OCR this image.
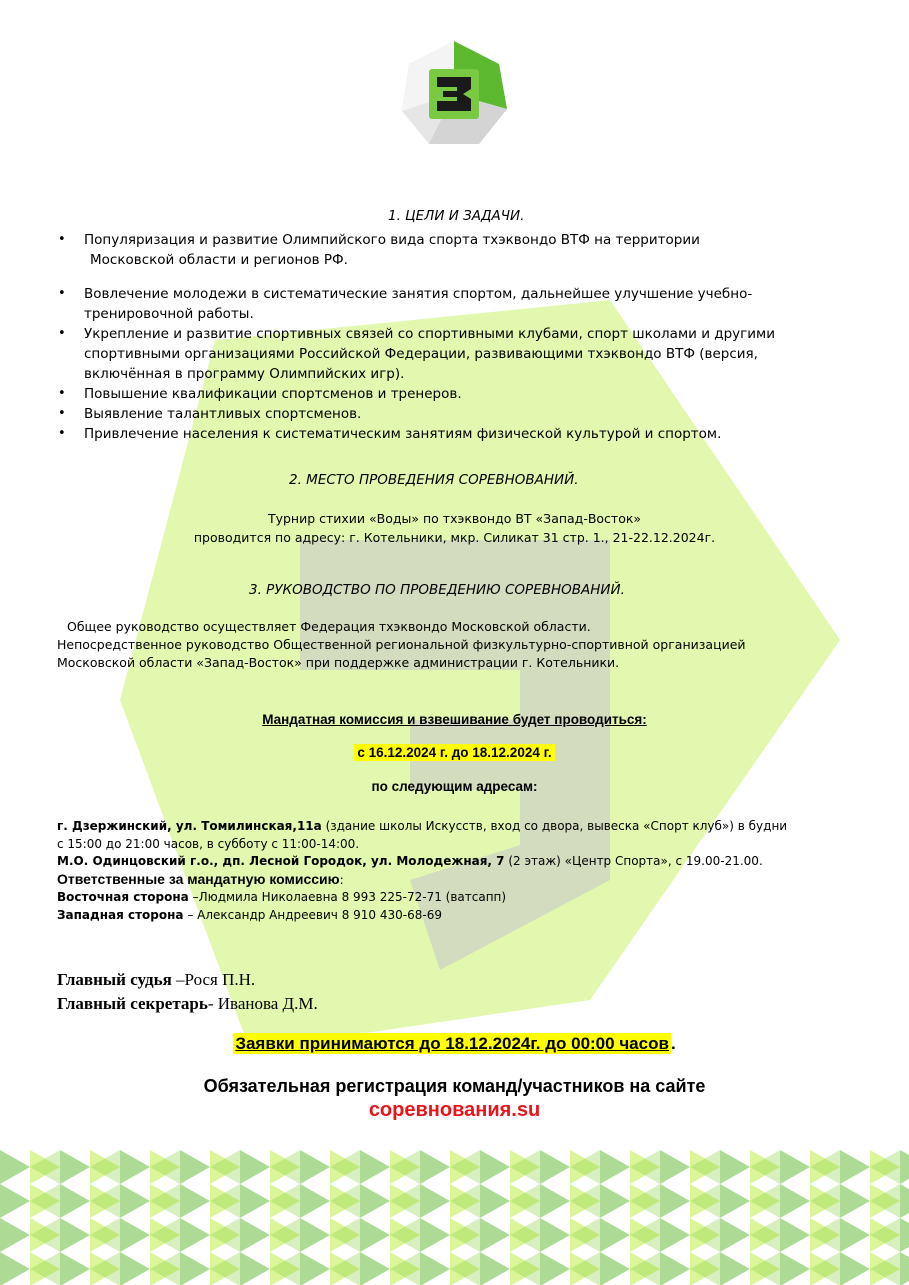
1. ЦЕЛИ И ЗАДАЧИ.
• Популяризация и развитие Олимпийского вида спорта тхэквондо ВТФ на территории
Московской области и регионов РФ.
• Вовлечение молодежи в систематические занятия спортом, дальнейшее улучшение учебно-
тренировочной работы.
• Укрепление и развитие спортивных связей со спортивными клубами, спорт школами и другими
спортивными организациями Российской Федерации, развивающими тхэквондо ВТФ (версия,
включённая в программу Олимпийских игр).
• Повышение квалификации спортсменов и тренеров.
• Выявление талантливых спортсменов.
• Привлечение населения к систематическим занятиям физической культурой и спортом.
2. МЕСТО ПРОВЕДЕНИЯ СОРЕВНОВАНИЙ.
Турнир стихии «Воды» по тхэквондо ВТ «Запад-Восток»
проводится по адресу: г. Котельники, мкр. Силикат 31 стр. 1., 21-22.12.2024г.
3. РУКОВОДСТВО ПО ПРОВЕДЕНИЮ СОРЕВНОВАНИЙ.
Общее руководство осуществляет Федерация тхэквондо Московской области.
Непосредственное руководство Общественной региональной физкультурно-спортивной организацией
Московской области «Запад-Восток» при поддержке администрации г. Котельники.
Мандатная комиссия и взвешивание будет проводиться:
с 16.12.2024 г. до 18.12.2024 г.
по следующим адресам:
г. Дзержинский, ул. Томилинская,11а (здание школы Искусств, вход со двора, вывеска «Спорт клуб») в будни
с 15:00 до 21:00 часов, в субботу с 11:00-14:00.
М.О. Одинцовский г.о., дп. Лесной Городок, ул. Молодежная, 7 (2 этаж) «Центр Спорта», с 19.00-21.00.
Ответственные за мандатную комиссию:
Восточная сторона –Людмила Николаевна 8 993 225-72-71 (ватсапп)
Западная сторона – Александр Андреевич 8 910 430-68-69
Главный судья –Рося П.Н.
Главный секретарь- Иванова Д.М.
Заявки принимаются до 18.12.2024г. до 00:00 часов .
Обязательная регистрация команд/участников на сайте
соревнования.su
